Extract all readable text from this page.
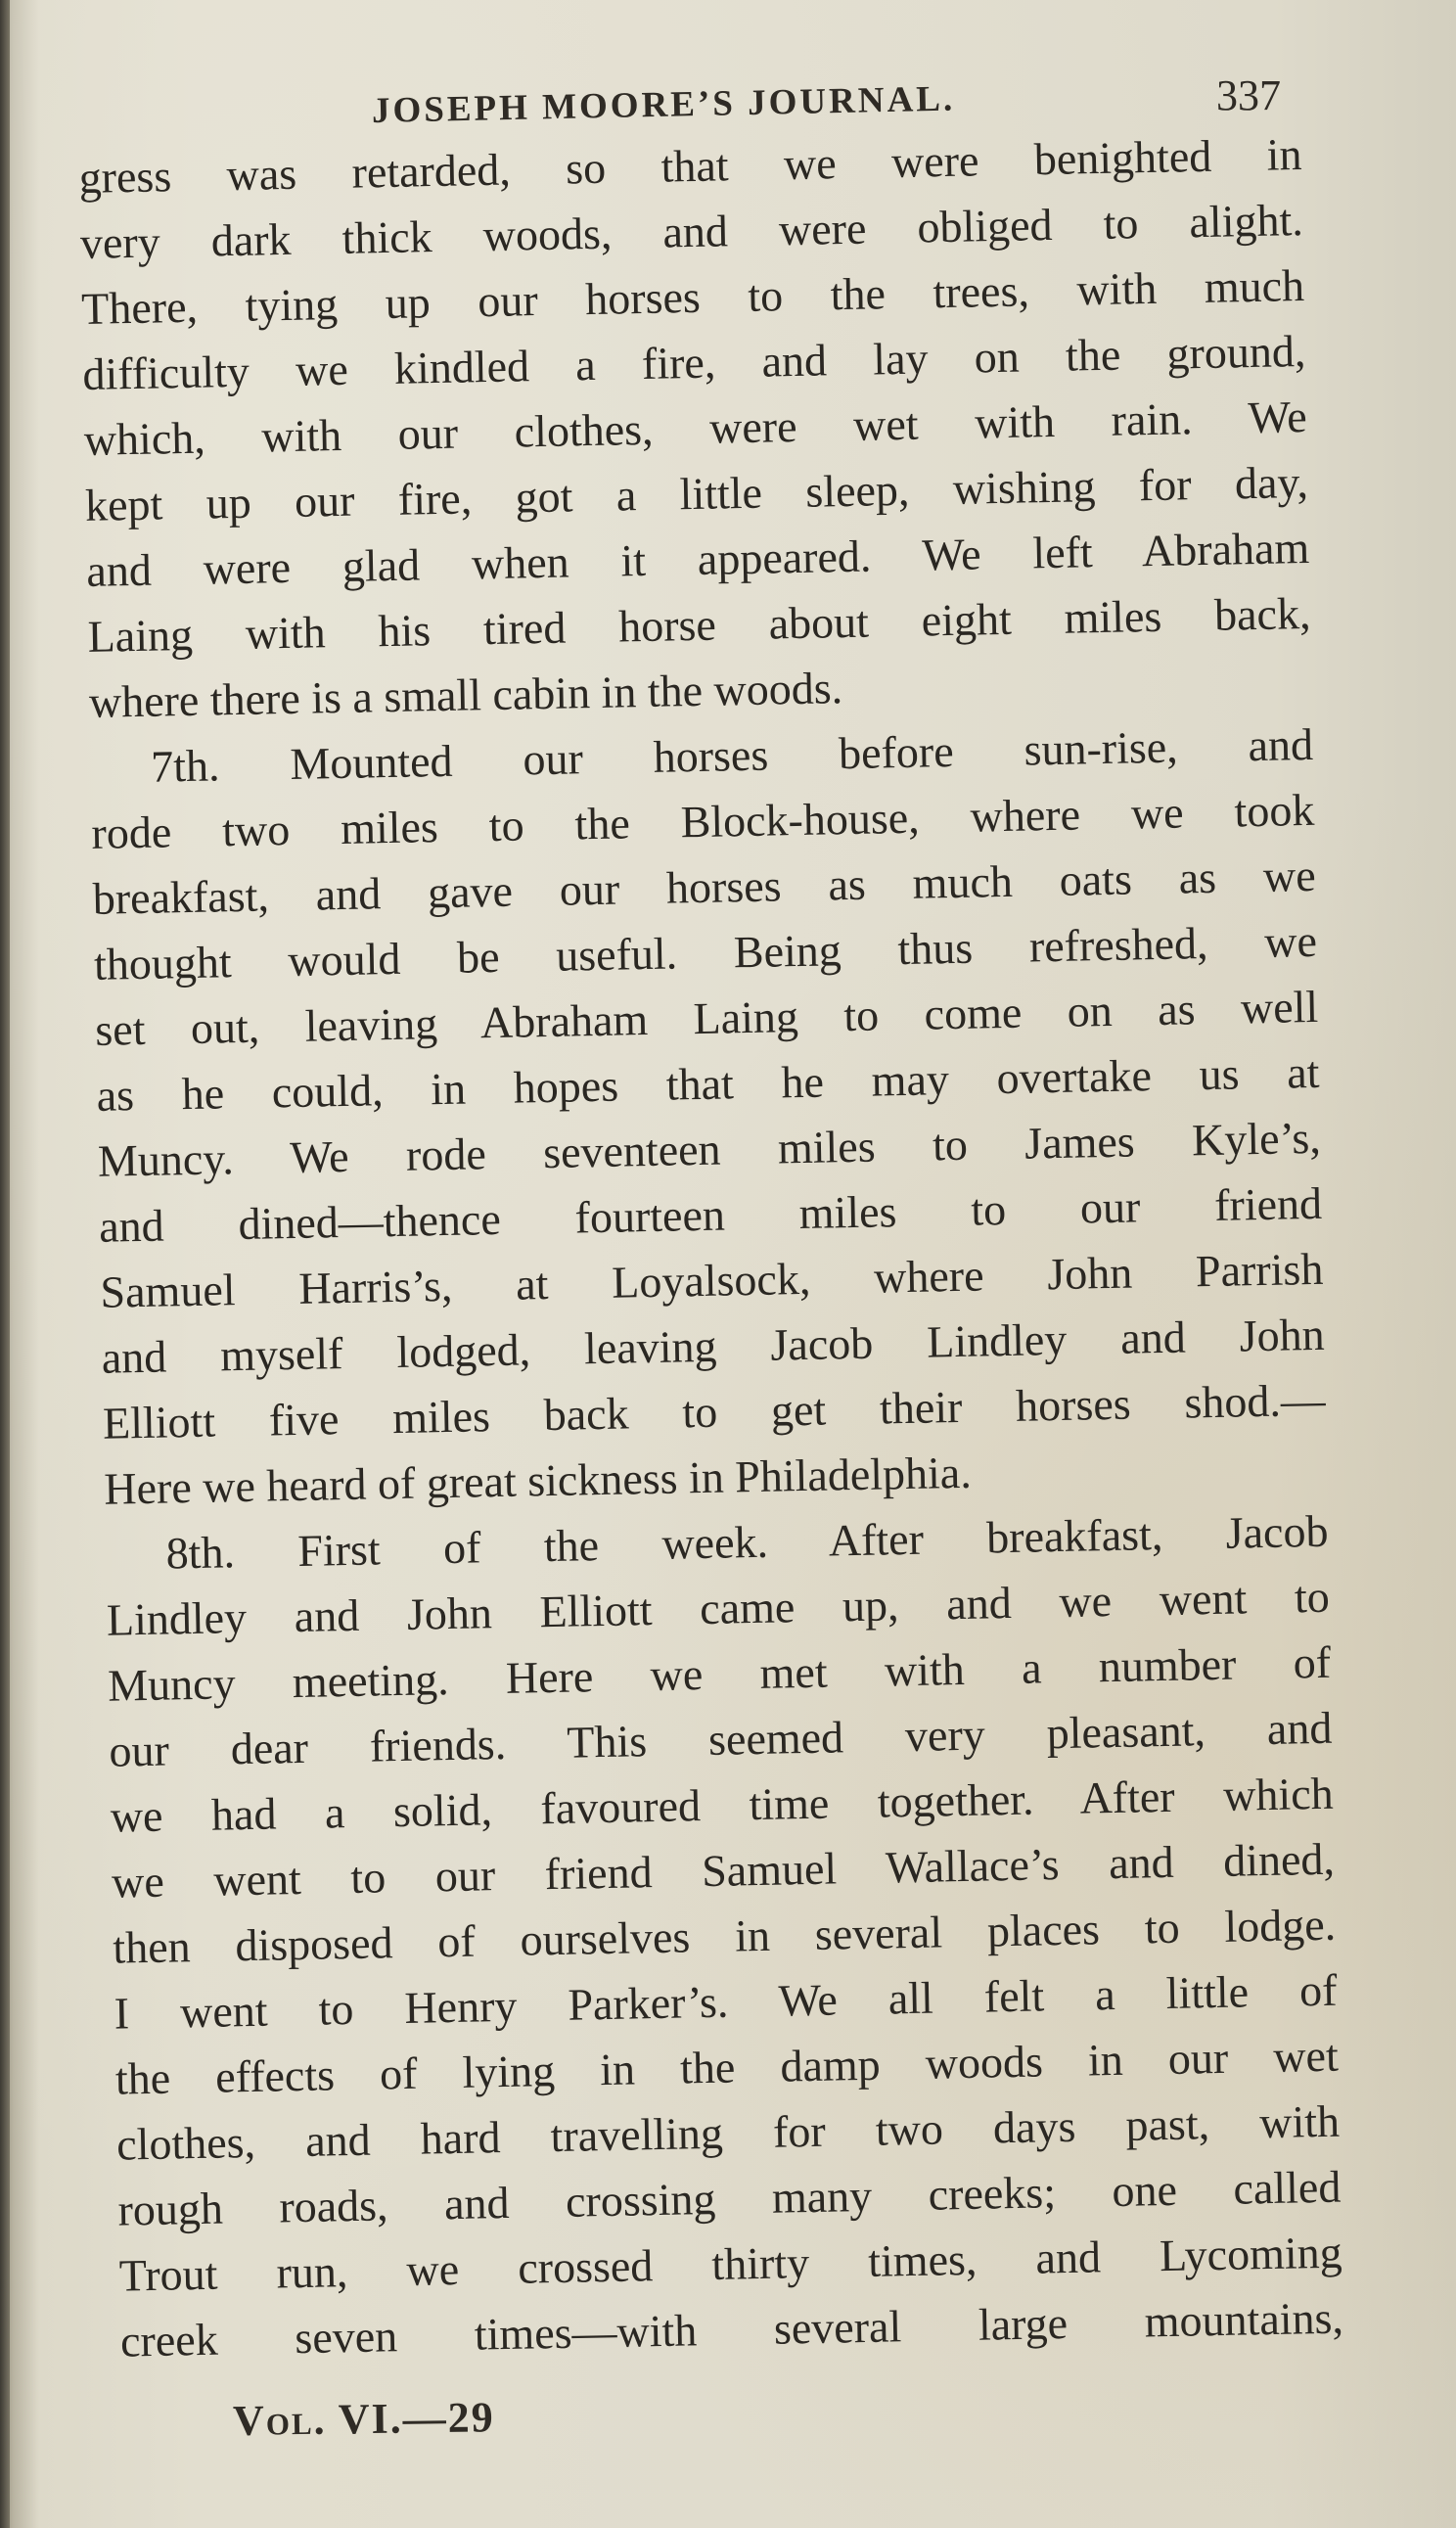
JOSEPH MOORE’S JOURNAL.	337
gress was retarded, so that we were benighted in
very dark thick woods, and were obliged to alight.
There, tying up our horses to the trees, with much
difficulty we kindled a fire, and lay on the ground,
which, with our clothes, were wet with rain. We
kept up our fire, got a little sleep, wishing for day,
and were glad when it appeared. We left Abraham
Laing with his tired horse about eight miles back,
where there is a small cabin in the woods.
7th. Mounted our horses before sun-rise, and
rode two miles to the Block-house, where we took
breakfast, and gave our horses as much oats as we
thought would be useful. Being thus refreshed, we
set out, leaving Abraham Laing to come on as well
as he could, in hopes that he may overtake us at
Muncy. We rode seventeen miles to James Kyle’s,
and dined—thence fourteen miles to our friend
Samuel Harris’s, at Loyalsock, where John Parrish
and myself lodged, leaving Jacob Lindley and John
Elliott five miles back to get their horses shod.—
Here we heard of great sickness in Philadelphia.
8th. First of the week. After breakfast, Jacob
Lindley and John Elliott came up, and we went to
Muncy meeting. Here we met with a number of
our dear friends. This seemed very pleasant, and
we had a solid, favoured time together. After which
we went to our friend Samuel Wallace’s and dined,
then disposed of ourselves in several places to lodge.
I went to Henry Parker’s. We all felt a little of
the effects of lying in the damp woods in our wet
clothes, and hard travelling for two days past, with
rough roads, and crossing many creeks; one called
Trout run, we crossed thirty times, and Lycoming
creek seven times—with several large mountains,
Vol. VI.—29
